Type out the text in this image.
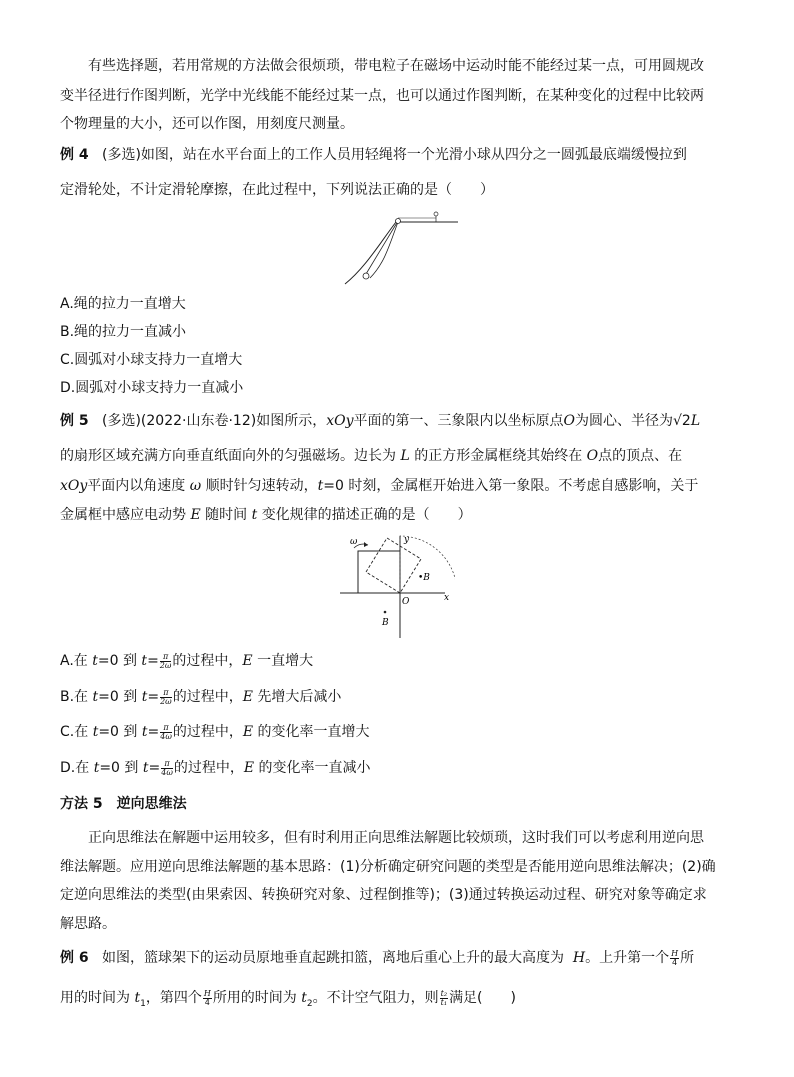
有些选择题，若用常规的方法做会很烦琐，带电粒子在磁场中运动时能不能经过某一点，可用圆规改
变半径进行作图判断，光学中光线能不能经过某一点，也可以通过作图判断，在某种变化的过程中比较两
个物理量的大小，还可以作图，用刻度尺测量。
例 4 (多选)如图，站在水平台面上的工作人员用轻绳将一个光滑小球从四分之一圆弧最底端缓慢拉到
定滑轮处，不计定滑轮摩擦，在此过程中，下列说法正确的是（　　）
A.绳的拉力一直增大
B.绳的拉力一直减小
C.圆弧对小球支持力一直增大
D.圆弧对小球支持力一直减小
例 5 (多选)(2022·山东卷·12)如图所示，xOy平面的第一、三象限内以坐标原点O为圆心、半径为√2L
的扇形区域充满方向垂直纸面向外的匀强磁场。边长为 L 的正方形金属框绕其始终在 O点的顶点、在
xOy平面内以角速度 ω 顺时针匀速转动，t=0 时刻，金属框开始进入第一象限。不考虑自感影响，关于
金属框中感应电动势 E 随时间 t 变化规律的描述正确的是（　　）
x
y
O
ω
•B
B
A.在 t=0 到 $t= \frac{\pi}{2\omega}$ 的过程中，E 一直增大
B.在 t=0 到 $t= \frac{\pi}{2\omega}$ 的过程中，E 先增大后减小
C.在 t=0 到 $t= \frac{\pi}{4\omega}$ 的过程中，E 的变化率一直增大
D.在 t=0 到 $t= \frac{\pi}{4\omega}$ 的过程中，E 的变化率一直减小
方法 5　逆向思维法
正向思维法在解题中运用较多，但有时利用正向思维法解题比较烦琐，这时我们可以考虑利用逆向思
维法解题。应用逆向思维法解题的基本思路：(1)分析确定研究问题的类型是否能用逆向思维法解决；(2)确
定逆向思维法的类型(由果索因、转换研究对象、过程倒推等)；(3)通过转换运动过程、研究对象等确定求
解思路。
例 6 如图，篮球架下的运动员原地垂直起跳扣篮，离地后重心上升的最大高度为 H。上升第一个 $\frac{H}{4}$ 所
用的时间为 $t_1$，第四个 $\frac{H}{4}$ 所用的时间为 $t_2$。不计空气阻力，则 $\frac{\text{t₂}}{\text{t₁}}$ 满足(　　)
